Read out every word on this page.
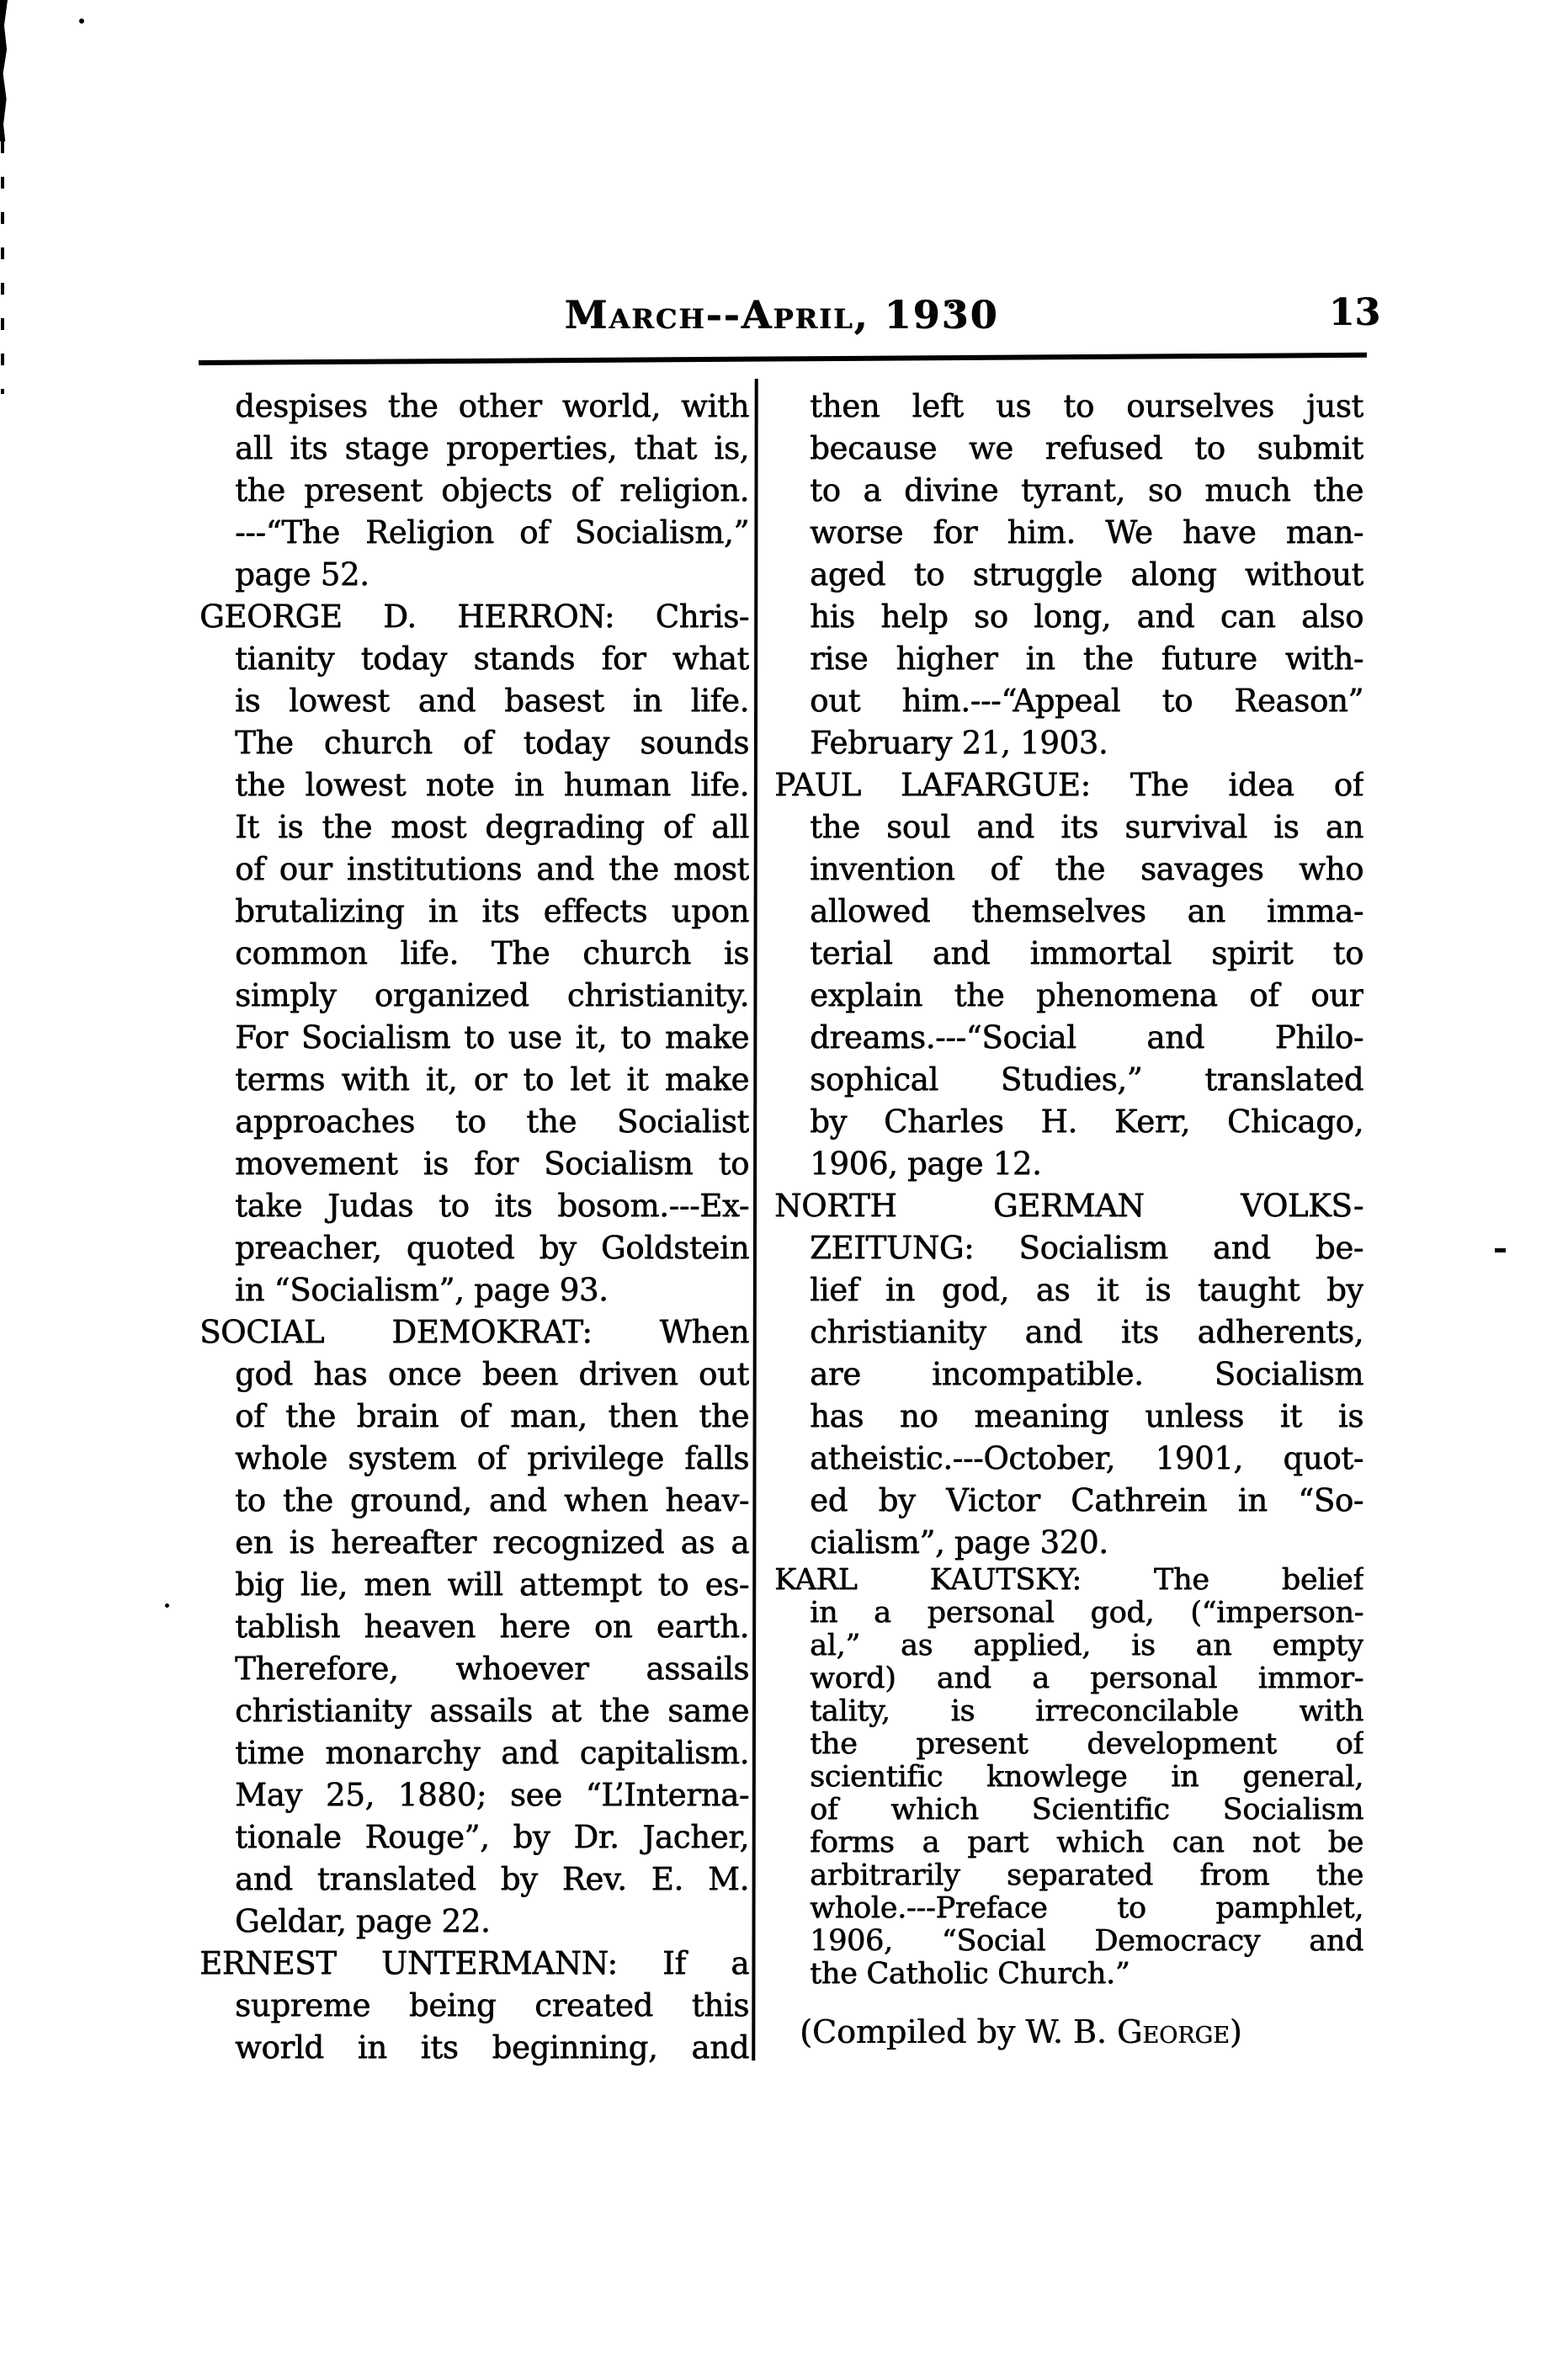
March--April, 1930	13
despises the other world, with
all its stage properties, that is,
the present objects of religion.
---“The Religion of Socialism,”
page 52.
GEORGE D. HERRON: Chris-
tianity today stands for what
is lowest and basest in life.
The church of today sounds
the lowest note in human life.
It is the most degrading of all
of our institutions and the most
brutalizing in its effects upon
common life. The church is
simply organized christianity.
For Socialism to use it, to make
terms with it, or to let it make
approaches to the Socialist
movement is for Socialism to
take Judas to its bosom.---Ex-
preacher, quoted by Goldstein
in “Socialism”, page 93.
SOCIAL DEMOKRAT: When
god has once been driven out
of the brain of man, then the
whole system of privilege falls
to the ground, and when heav-
en is hereafter recognized as a
big lie, men will attempt to es-
tablish heaven here on earth.
Therefore, whoever assails
christianity assails at the same
time monarchy and capitalism.
May 25, 1880; see “L’Interna-
tionale Rouge”, by Dr. Jacher,
and translated by Rev. E. M.
Geldar, page 22.
ERNEST UNTERMANN: If a
supreme being created this
world in its beginning, and
then left us to ourselves just
because we refused to submit
to a divine tyrant, so much the
worse for him. We have man-
aged to struggle along without
his help so long, and can also
rise higher in the future with-
out him.---“Appeal to Reason”
February 21, 1903.
PAUL LAFARGUE: The idea of
the soul and its survival is an
invention of the savages who
allowed themselves an imma-
terial and immortal spirit to
explain the phenomena of our
dreams.---“Social and Philo-
sophical Studies,” translated
by Charles H. Kerr, Chicago,
1906, page 12.
NORTH GERMAN VOLKS-
ZEITUNG: Socialism and be-
lief in god, as it is taught by
christianity and its adherents,
are incompatible. Socialism
has no meaning unless it is
atheistic.---October, 1901, quot-
ed by Victor Cathrein in “So-
cialism”, page 320.
KARL KAUTSKY: The belief
in a personal god, (“imperson-
al,” as applied, is an empty
word) and a personal immor-
tality, is irreconcilable with
the present development of
scientific knowlege in general,
of which Scientific Socialism
forms a part which can not be
arbitrarily separated from the
whole.---Preface to pamphlet,
1906, “Social Democracy and
the Catholic Church.”
(Compiled by W. B. George)
